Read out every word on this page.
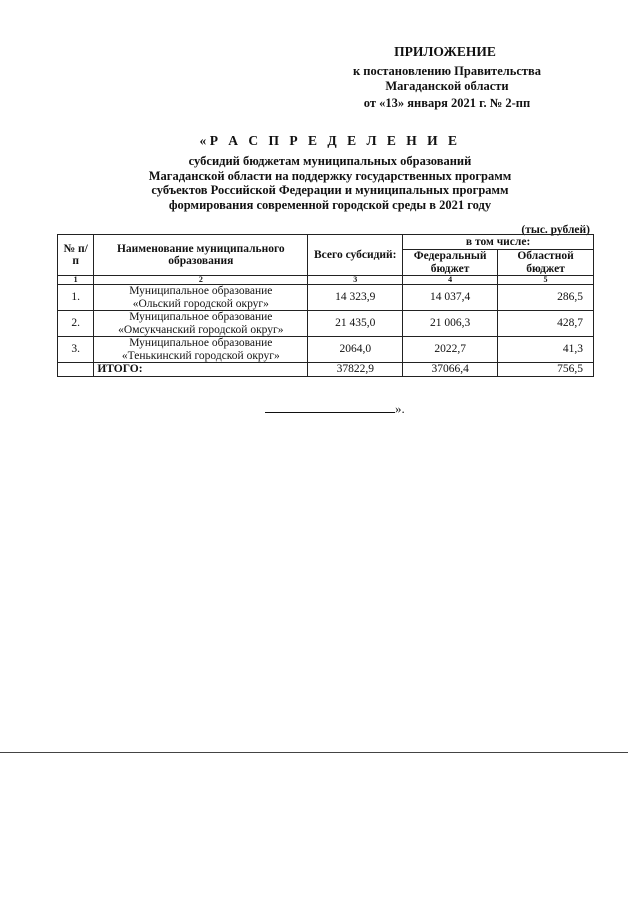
ПРИЛОЖЕНИЕ
к постановлению Правительства
Магаданской области
от «13» января 2021 г. № 2-пп
«Р А С П Р Е Д Е Л Е Н И Е
субсидий бюджетам муниципальных образований
Магаданской области на поддержку государственных программ
субъектов Российской Федерации и муниципальных программ
формирования современной городской среды в 2021 году
(тыс. рублей)
№ п/п	Наименование муниципального образования	Всего субсидий:	в том числе:	
			Федеральный бюджет	Областной бюджет
1	2	3	4	5
1.	Муниципальное образование
«Ольский городской округ»	14 323,9	14 037,4	286,5
2.	Муниципальное образование
«Омсукчанский городской округ»	21 435,0	21 006,3	428,7
3.	Муниципальное образование
«Тенькинский городской округ»	2064,0	2022,7	41,3
	ИТОГО:	37822,9	37066,4	756,5
».
